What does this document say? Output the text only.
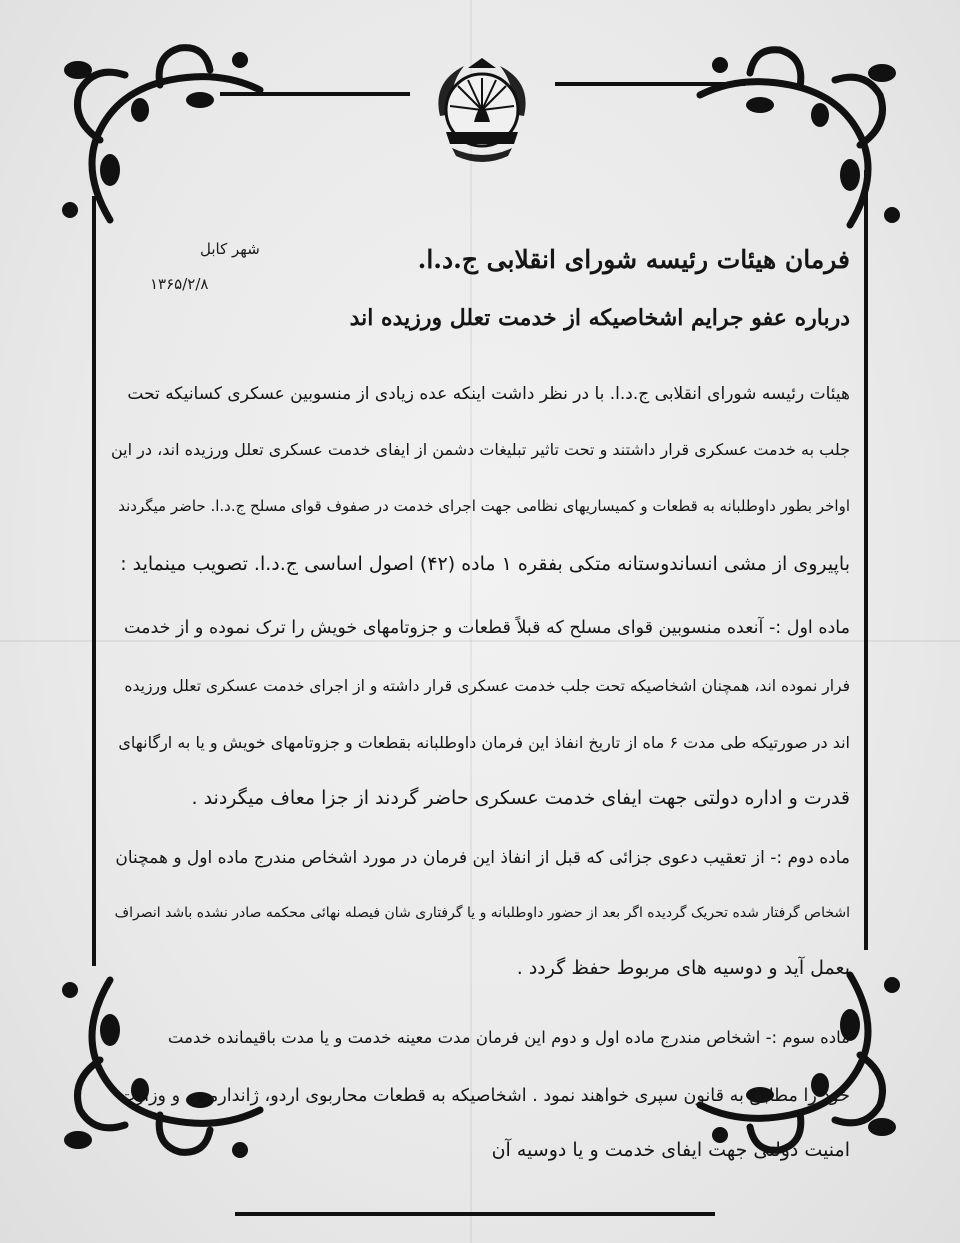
شهر کابل
۱۳۶۵/۲/۸
فرمان هیئات رئیسه شورای انقلابی ج.د.ا.
درباره عفو جرایم اشخاصیکه از خدمت تعلل ورزیده اند
هیئات رئیسه شورای انقلابی ج.د.ا. با در نظر داشت اینکه عده زیادی از منسوبین عسکری کسانیکه تحت
جلب به خدمت عسکری قرار داشتند و تحت تاثیر تبلیغات دشمن از ایفای خدمت عسکری تعلل ورزیده اند، در این
اواخر بطور داوطلبانه به قطعات و کمیساریهای نظامی جهت اجرای خدمت در صفوف قوای مسلح ج.د.ا. حاضر میگردند
باپیروی از مشی انساندوستانه متکی بفقره ۱ ماده (۴۲) اصول اساسی ج.د.ا. تصویب مینماید :
ماده اول :- آنعده منسوبین قوای مسلح که قبلاً قطعات و جزوتامهای خویش را ترک نموده و از خدمت
فرار نموده اند، همچنان اشخاصیکه تحت جلب خدمت عسکری قرار داشته و از اجرای خدمت عسکری تعلل ورزیده
اند در صورتیکه طی مدت ۶ ماه از تاریخ انفاذ این فرمان داوطلبانه بقطعات و جزوتامهای خویش و یا به ارگانهای
قدرت و اداره دولتی جهت ایفای خدمت عسکری حاضر گردند از جزا معاف میگردند .
ماده دوم :- از تعقیب دعوی جزائی که قبل از انفاذ این فرمان در مورد اشخاص مندرج ماده اول و همچنان
اشخاص گرفتار شده تحریک گردیده اگر بعد از حضور داوطلبانه و یا گرفتاری شان فیصله نهائی محکمه صادر نشده باشد انصراف
بعمل آید و دوسیه های مربوط حفظ گردد .
ماده سوم :- اشخاص مندرج ماده اول و دوم این فرمان مدت معینه خدمت و یا مدت باقیمانده خدمت
خود را مطابق به قانون سپری خواهند نمود . اشخاصیکه به قطعات محاربوی اردو، ژاندارمری و وزارت
امنیت دولتی جهت ایفای خدمت و یا دوسیه آن
